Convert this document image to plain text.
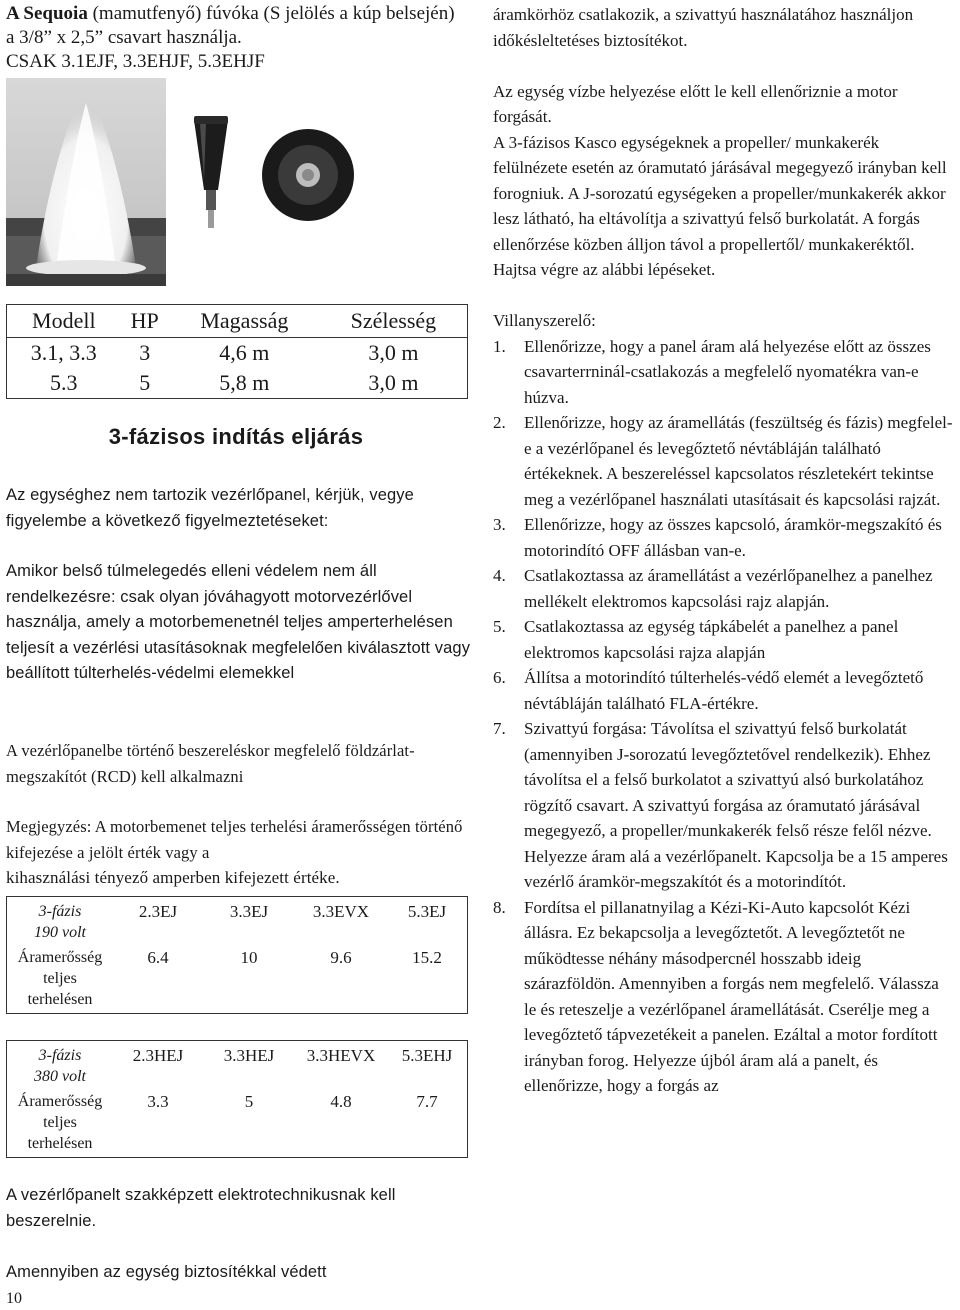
A Sequoia (mamutfenyő) fúvóka (S jelölés a kúp belsején) a 3/8” x 2,5” csavart használja.
CSAK 3.1EJF, 3.3EHJF, 5.3EHJF
Modell	HP	Magasság	Szélesség
3.1, 3.3	3	4,6 m	3,0 m
5.3	5	5,8 m	3,0 m
3-fázisos indítás eljárás
Az egységhez nem tartozik vezérlőpanel, kérjük, vegye figyelembe a következő figyelmeztetéseket:
Amikor belső túlmelegedés elleni védelem nem áll rendelkezésre: csak olyan jóváhagyott motorvezérlővel használja, amely a motorbemenetnél teljes amperterhelésen teljesít a vezérlési utasításoknak megfelelően kiválasztott vagy beállított túlterhelés-védelmi elemekkel
A vezérlőpanelbe történő beszereléskor megfelelő földzárlat-megszakítót (RCD) kell alkalmazni
Megjegyzés: A motorbemenet teljes terhelési áramerősségen történő kifejezése a jelölt érték vagy a
kihasználási tényező amperben kifejezett értéke.
3-fázis
190 volt
2.3EJ	3.3EJ	3.3EVX	5.3EJ
Áramerősség
teljes
terhelésen
6.4	10	9.6	15.2
3-fázis
380 volt
2.3HEJ	3.3HEJ	3.3HEVX	5.3EHJ
Áramerősség
teljes
terhelésen
3.3	5	4.8	7.7
A vezérlőpanelt szakképzett elektrotechnikusnak kell beszerelnie.
Amennyiben az egység biztosítékkal védett
10

áramkörhöz csatlakozik, a szivattyú használatához használjon időkésleltetéses biztosítékot.

Az egység vízbe helyezése előtt le kell ellenőriznie a motor forgását.

A 3-fázisos Kasco egységeknek a propeller/ munkakerék felülnézete esetén az óramutató járásával megegyező irányban kell forogniuk. A J-sorozatú egységeken a propeller/munkakerék akkor lesz látható, ha eltávolítja a szivattyú felső burkolatát. A forgás ellenőrzése közben álljon távol a propellertől/ munkakeréktől. Hajtsa végre az alábbi lépéseket.

Villanyszerelő:

1. Ellenőrizze, hogy a panel áram alá helyezése előtt az összes csavarterrninál-csatlakozás a megfelelő nyomatékra van-e húzva.
2. Ellenőrizze, hogy az áramellátás (feszültség és fázis) megfelel-e a vezérlőpanel és levegőztető névtábláján található értékeknek. A beszereléssel kapcsolatos részletekért tekintse meg a vezérlőpanel használati utasításait és kapcsolási rajzát.
3. Ellenőrizze, hogy az összes kapcsoló, áramkör-megszakító és motorindító OFF állásban van-e.
4. Csatlakoztassa az áramellátást a vezérlőpanelhez a panelhez mellékelt elektromos kapcsolási rajz alapján.
5. Csatlakoztassa az egység tápkábelét a panelhez a panel elektromos kapcsolási rajza alapján
6. Állítsa a motorindító túlterhelés-védő elemét a levegőztető névtábláján található FLA-értékre.
7. Szivattyú forgása: Távolítsa el szivattyú felső burkolatát (amennyiben J-sorozatú levegőztetővel rendelkezik). Ehhez távolítsa el a felső burkolatot a szivattyú alsó burkolatához rögzítő csavart. A szivattyú forgása az óramutató járásával megegyező, a propeller/munkakerék felső része felől nézve. Helyezze áram alá a vezérlőpanelt. Kapcsolja be a 15 amperes vezérlő áramkör-megszakítót és a motorindítót.
8. Fordítsa el pillanatnyilag a Kézi-Ki-Auto kapcsolót Kézi állásra. Ez bekapcsolja a levegőztetőt. A levegőztetőt ne működtesse néhány másodpercnél hosszabb ideig szárazföldön. Amennyiben a forgás nem megfelelő. Válassza le és reteszelje a vezérlőpanel áramellátását. Cserélje meg a levegőztető tápvezetékeit a panelen. Ezáltal a motor fordított irányban forog. Helyezze újból áram alá a panelt, és ellenőrizze, hogy a forgás az
